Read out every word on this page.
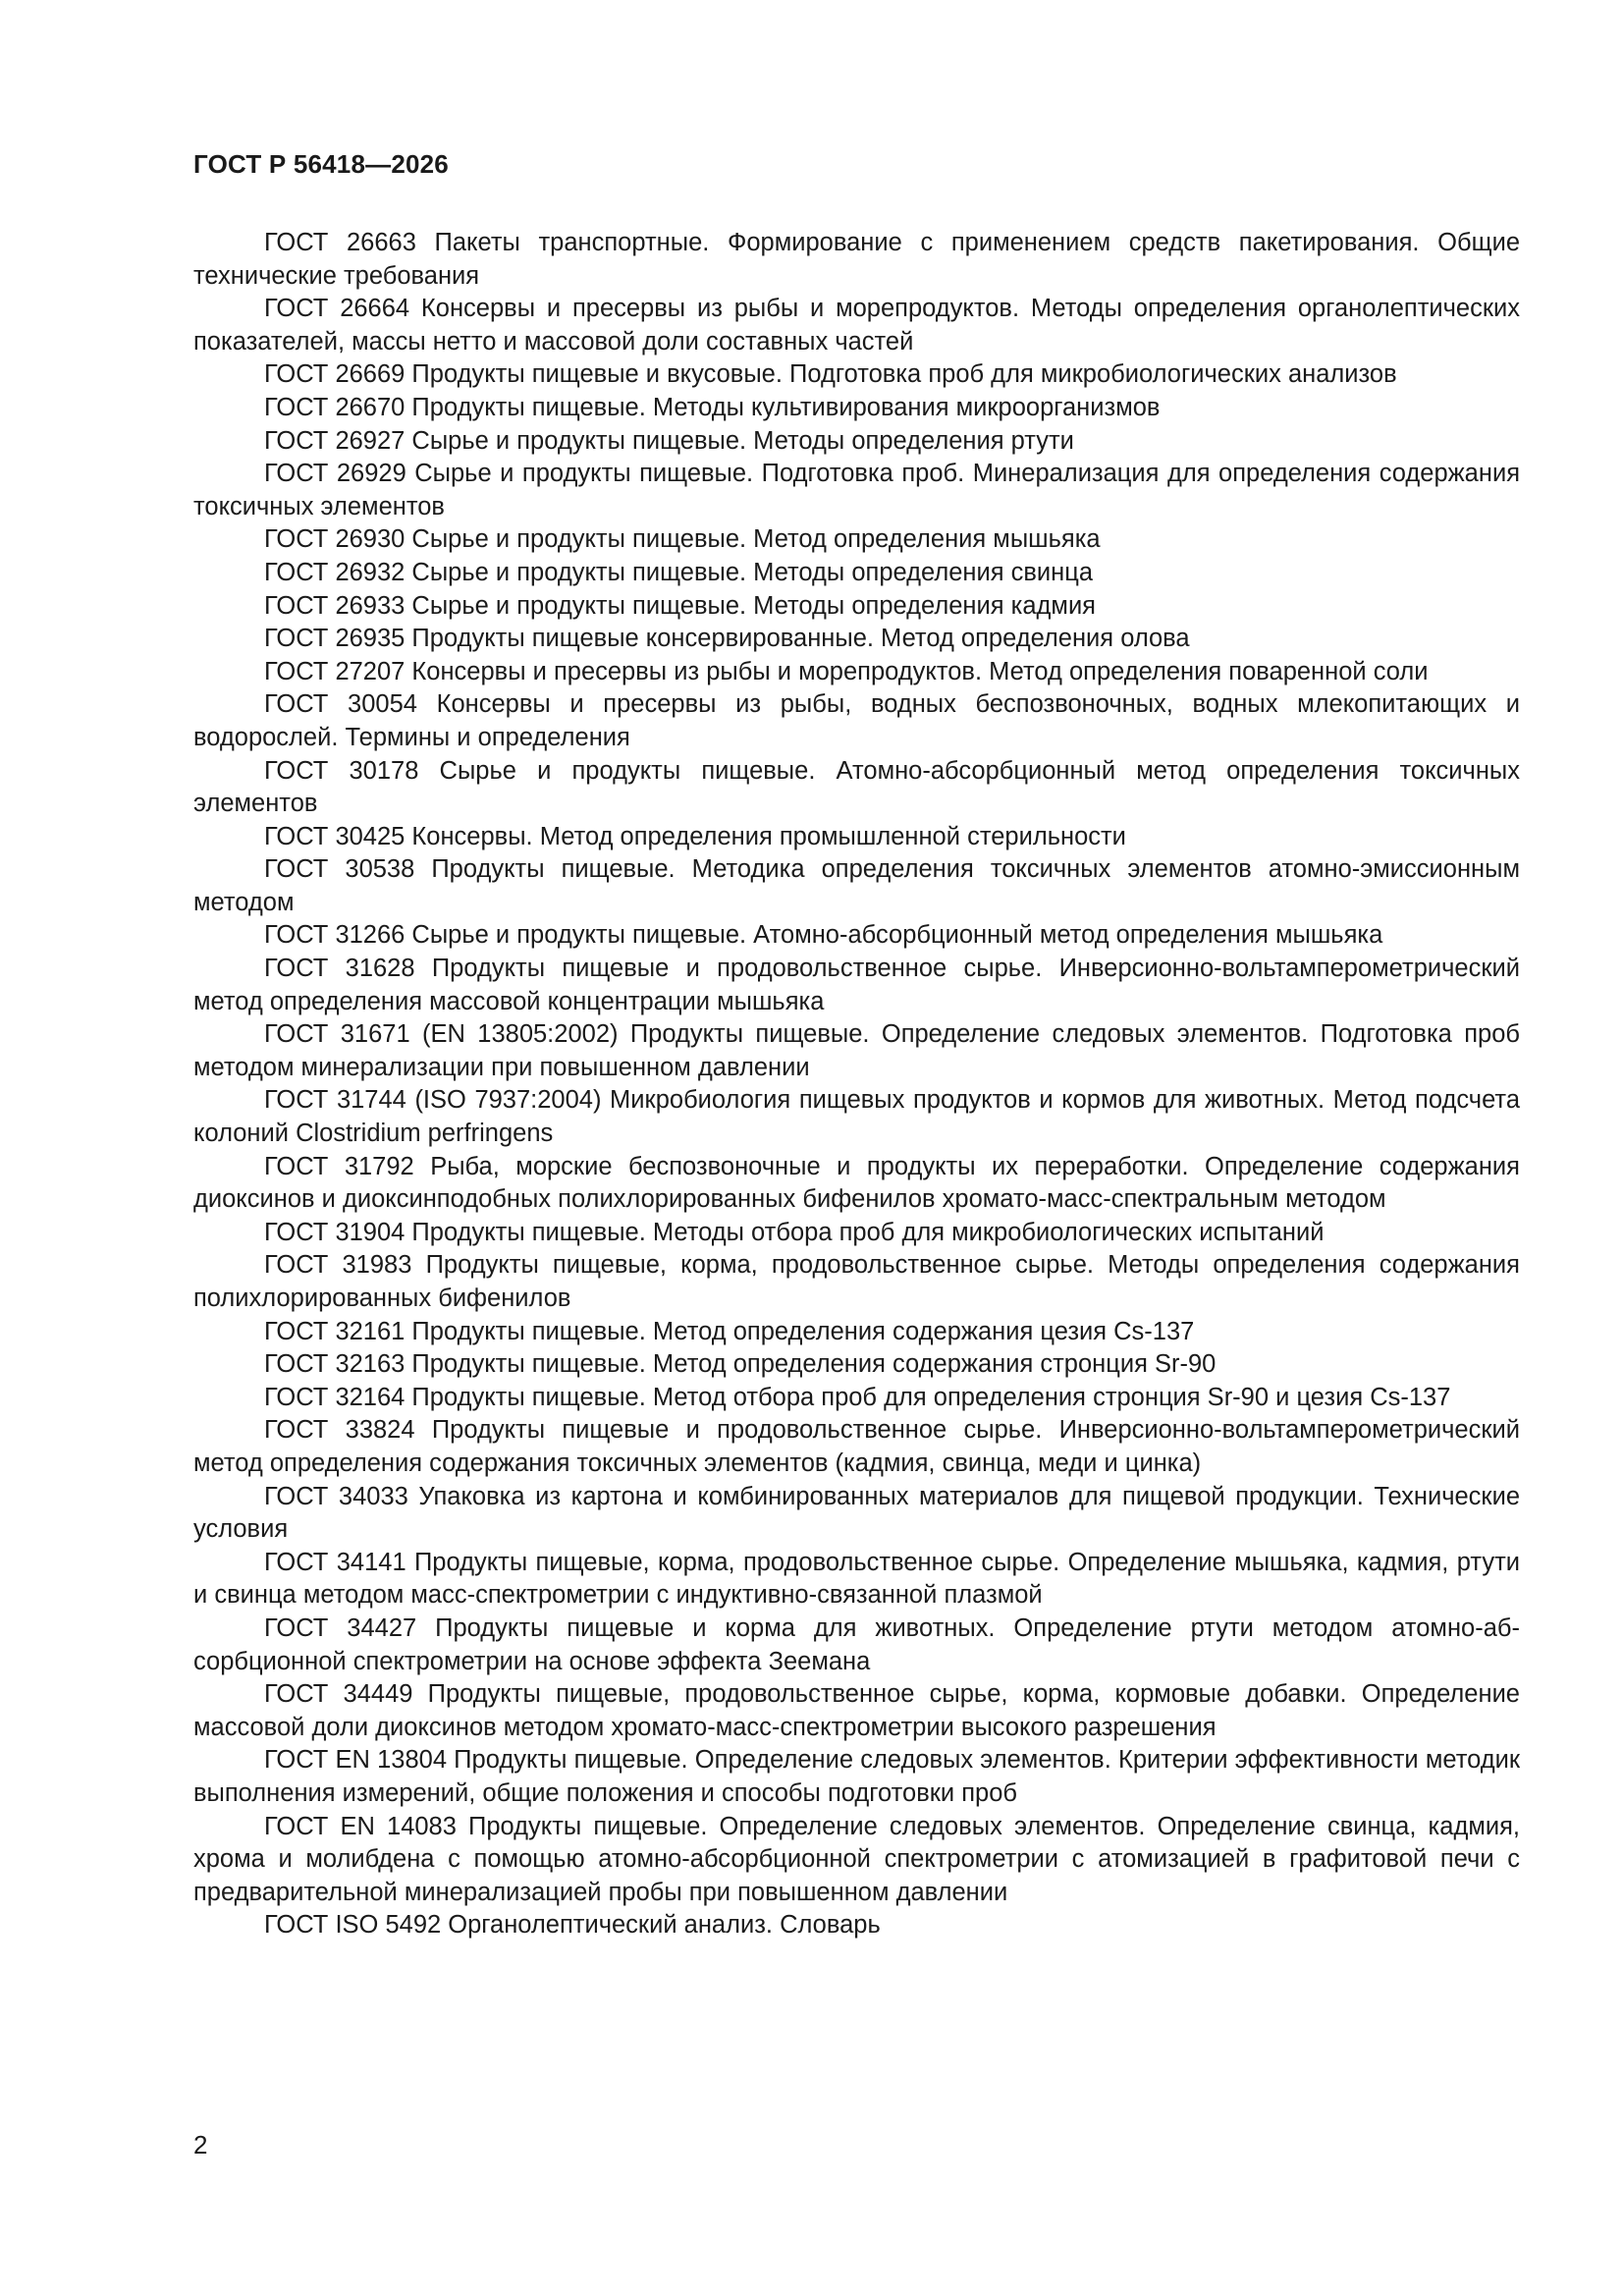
ГОСТ Р 56418—2026

ГОСТ 26663 Пакеты транспортные. Формирование с применением средств пакетирования. Общие технические требования

ГОСТ 26664 Консервы и пресервы из рыбы и морепродуктов. Методы определения органолептических показателей, массы нетто и массовой доли составных частей

ГОСТ 26669 Продукты пищевые и вкусовые. Подготовка проб для микробиологических анализов

ГОСТ 26670 Продукты пищевые. Методы культивирования микроорганизмов

ГОСТ 26927 Сырье и продукты пищевые. Методы определения ртути

ГОСТ 26929 Сырье и продукты пищевые. Подготовка проб. Минерализация для определения содержания токсичных элементов

ГОСТ 26930 Сырье и продукты пищевые. Метод определения мышьяка

ГОСТ 26932 Сырье и продукты пищевые. Методы определения свинца

ГОСТ 26933 Сырье и продукты пищевые. Методы определения кадмия

ГОСТ 26935 Продукты пищевые консервированные. Метод определения олова

ГОСТ 27207 Консервы и пресервы из рыбы и морепродуктов. Метод определения поваренной соли

ГОСТ 30054 Консервы и пресервы из рыбы, водных беспозвоночных, водных млекопитающих и водорослей. Термины и определения

ГОСТ 30178 Сырье и продукты пищевые. Атомно-абсорбционный метод определения токсичных элементов

ГОСТ 30425 Консервы. Метод определения промышленной стерильности

ГОСТ 30538 Продукты пищевые. Методика определения токсичных элементов атомно-эмиссионным методом

ГОСТ 31266 Сырье и продукты пищевые. Атомно-абсорбционный метод определения мышьяка

ГОСТ 31628 Продукты пищевые и продовольственное сырье. Инверсионно-вольтамперометрический метод определения массовой концентрации мышьяка

ГОСТ 31671 (EN 13805:2002) Продукты пищевые. Определение следовых элементов. Подготовка проб методом минерализации при повышенном давлении

ГОСТ 31744 (ISO 7937:2004) Микробиология пищевых продуктов и кормов для животных. Метод подсчета колоний Clostridium perfringens

ГОСТ 31792 Рыба, морские беспозвоночные и продукты их переработки. Определение содержания диоксинов и диоксинподобных полихлорированных бифенилов хромато-масс-спектральным методом

ГОСТ 31904 Продукты пищевые. Методы отбора проб для микробиологических испытаний

ГОСТ 31983 Продукты пищевые, корма, продовольственное сырье. Методы определения содержания полихлорированных бифенилов

ГОСТ 32161 Продукты пищевые. Метод определения содержания цезия Cs-137

ГОСТ 32163 Продукты пищевые. Метод определения содержания стронция Sr-90

ГОСТ 32164 Продукты пищевые. Метод отбора проб для определения стронция Sr-90 и цезия Cs-137

ГОСТ 33824 Продукты пищевые и продовольственное сырье. Инверсионно-вольтамперометрический метод определения содержания токсичных элементов (кадмия, свинца, меди и цинка)

ГОСТ 34033 Упаковка из картона и комбинированных материалов для пищевой продукции. Технические условия

ГОСТ 34141 Продукты пищевые, корма, продовольственное сырье. Определение мышьяка, кадмия, ртути и свинца методом масс-спектрометрии с индуктивно-связанной плазмой

ГОСТ 34427 Продукты пищевые и корма для животных. Определение ртути методом атомно-абсорбционной спектрометрии на основе эффекта Зеемана

ГОСТ 34449 Продукты пищевые, продовольственное сырье, корма, кормовые добавки. Определение массовой доли диоксинов методом хромато-масс-спектрометрии высокого разрешения

ГОСТ EN 13804 Продукты пищевые. Определение следовых элементов. Критерии эффективности методик выполнения измерений, общие положения и способы подготовки проб

ГОСТ EN 14083 Продукты пищевые. Определение следовых элементов. Определение свинца, кадмия, хрома и молибдена с помощью атомно-абсорбционной спектрометрии с атомизацией в графитовой печи с предварительной минерализацией пробы при повышенном давлении

ГОСТ ISO 5492 Органолептический анализ. Словарь

2
